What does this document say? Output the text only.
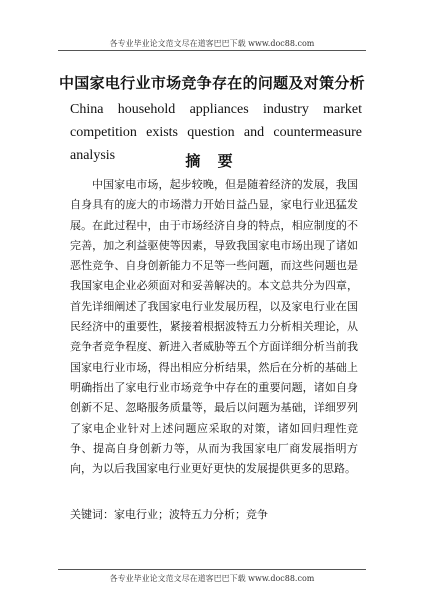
各专业毕业论文范文尽在道客巴巴下载 www.doc88.com
中国家电行业市场竞争存在的问题及对策分析
China household appliances industry market competition exists question and countermeasure analysis	摘 要

中国家电市场，起步较晚，但是随着经济的发展，我国自身具有的庞大的市场潜力开始日益凸显，家电行业迅猛发展。在此过程中，由于市场经济自身的特点，相应制度的不完善，加之利益驱使等因素，导致我国家电市场出现了诸如恶性竞争、自身创新能力不足等一些问题，而这些问题也是我国家电企业必须面对和妥善解决的。本文总共分为四章，首先详细阐述了我国家电行业发展历程，以及家电行业在国民经济中的重要性，紧接着根据波特五力分析相关理论，从竞争者竞争程度、新进入者威胁等五个方面详细分析当前我国家电行业市场，得出相应分析结果，然后在分析的基础上明确指出了家电行业市场竞争中存在的重要问题，诸如自身创新不足、忽略服务质量等，最后以问题为基础，详细罗列了家电企业针对上述问题应采取的对策，诸如回归理性竞争、提高自身创新力等，从而为我国家电厂商发展指明方向，为以后我国家电行业更好更快的发展提供更多的思路。

关键词：家电行业；波特五力分析；竞争
各专业毕业论文范文尽在道客巴巴下载 www.doc88.com
